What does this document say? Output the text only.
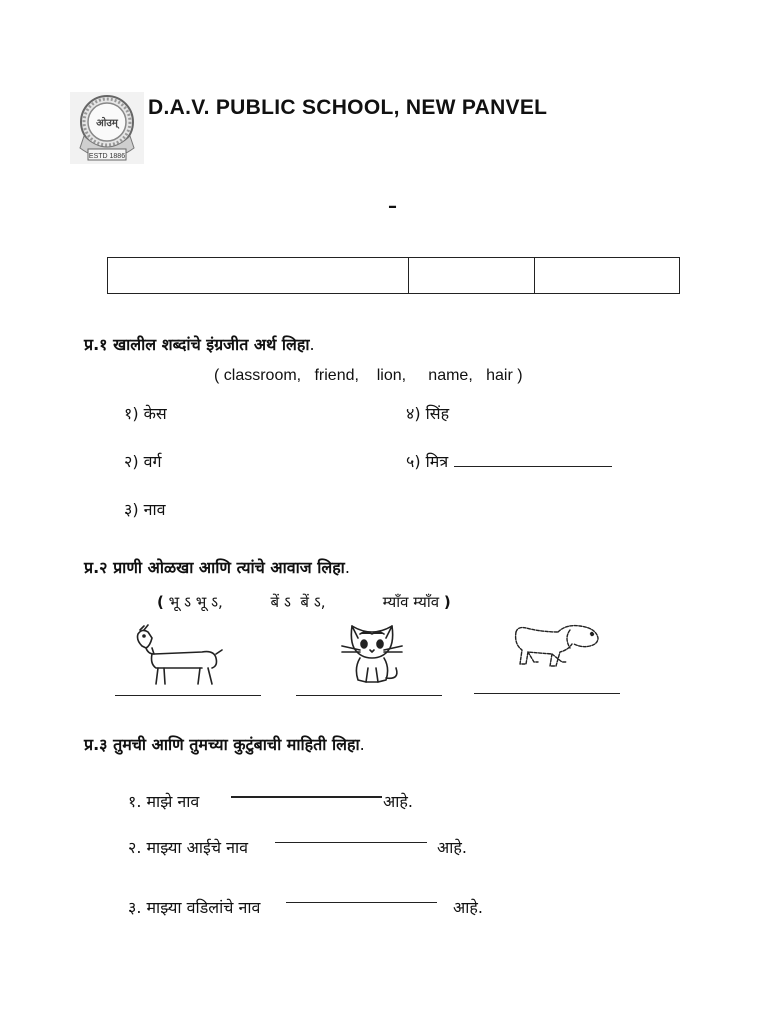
ओउम्
ESTD 1886
D.A.V. PUBLIC SCHOOL, NEW PANVEL
–

प्र.१ खालील शब्दांचे इंग्रजीत अर्थ लिहा.
( classroom,   friend,    lion,     name,   hair )
१) केस
२) वर्ग
३) नाव
४) सिंह
५) मित्र
प्र.२ प्राणी ओळखा आणि त्यांचे आवाज लिहा.
( भू ऽ भू ऽ,          बें ऽ  बें ऽ,            म्याँव म्याँव )
प्र.३ तुमची आणि तुमच्या कुटुंबाची माहिती लिहा.
१. माझे नाव	आहे.
२. माझ्या आईचे नाव	आहे.
३. माझ्या वडिलांचे नाव	आहे.
